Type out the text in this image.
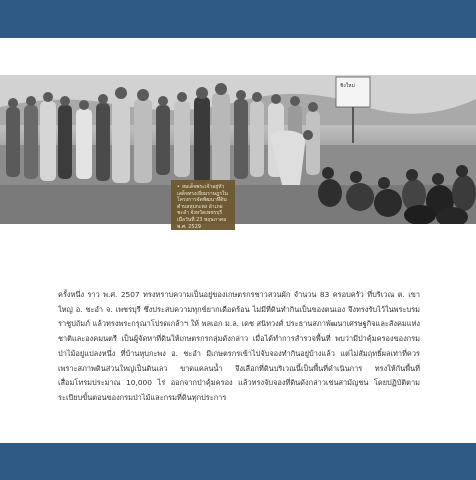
ชิงใหม่
• สมเด็จพระเจ้าอยู่หัว เสด็จทรงเยี่ยมราษฎรในโครงการจัดพัฒนาที่ดิน ตำบลหุบกะพง อำเภอชะอำ จังหวัดเพชรบุรี เมื่อวันที่ 23 พฤษภาคม พ.ศ. 2529
ครั้งหนึ่ง ราว พ.ศ. 2507 ทรงทราบความเป็นอยู่ของเกษตรกรชาวสวนผัก จำนวน 83 ครอบครัว ที่บริเวณ ต. เขาใหญ่ อ. ชะอำ จ. เพชรบุรี ซึ่งประสบความทุกข์ยากเดือดร้อน ไม่มีที่ดินทำกินเป็นของตนเอง จึงทรงรับไว้ในพระบรมราชูปถัมภ์ แล้วทรงพระกรุณาโปรดเกล้าฯ ให้ พลเอก ม.ล. เดช สนิทวงศ์ ประธานสภาพัฒนาเศรษฐกิจและสังคมแห่งชาติและองคมนตรี เป็นผู้จัดหาที่ดินให้เกษตรกรกลุ่มดังกล่าว เมื่อได้ทำการสำรวจพื้นที่ พบว่ามีป่าคุ้มครองของกรมป่าไม้อยู่แปลงหนึ่ง ที่บ้านหุบกะพง อ. ชะอำ มีเกษตรกรเข้าไปจับจองทำกินอยู่บ้างแล้ว แต่ไม่สัมฤทธิ์ผลเท่าที่ควร เพราะสภาพดินส่วนใหญ่เป็นดินเลว ขาดแคลนน้ำ จึงเลือกที่ดินบริเวณนี้เป็นพื้นที่ดำเนินการ ทรงให้กันพื้นที่เสื่อมโทรมประมาณ 10,000 ไร่ ออกจากป่าคุ้มครอง แล้วทรงจับจองที่ดินดังกล่าวเช่นสามัญชน โดยปฏิบัติตามระเบียบขั้นตอนของกรมป่าไม้และกรมที่ดินทุกประการ
